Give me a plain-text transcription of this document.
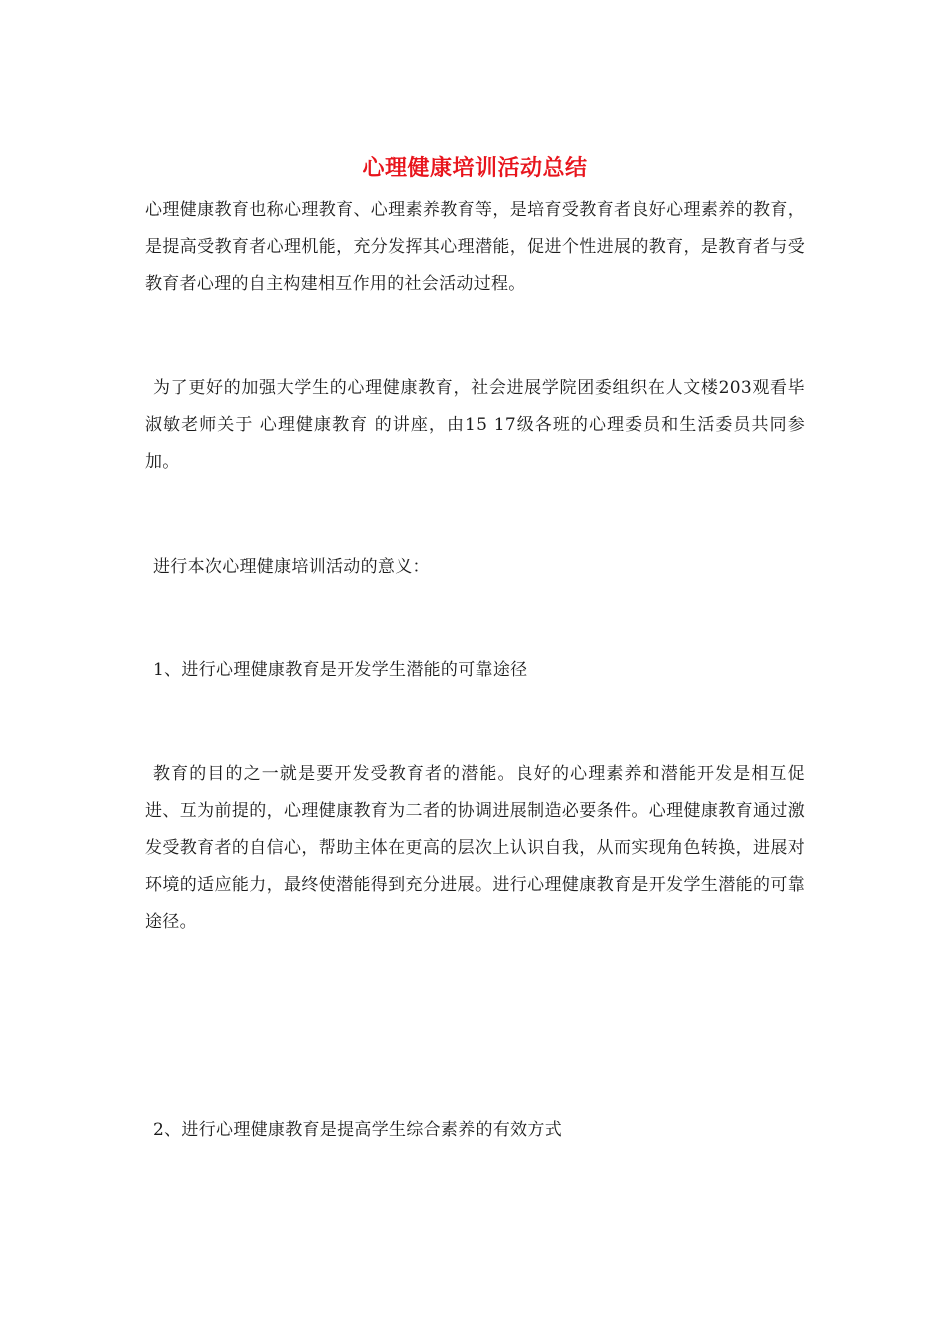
心理健康培训活动总结

心理健康教育也称心理教育、心理素养教育等，是培育受教育者良好心理素养的教育，是提高受教育者心理机能，充分发挥其心理潜能，促进个性进展的教育，是教育者与受教育者心理的自主构建相互作用的社会活动过程。

为了更好的加强大学生的心理健康教育，社会进展学院团委组织在人文楼203观看毕淑敏老师关于 心理健康教育 的讲座，由15 17级各班的心理委员和生活委员共同参加。

进行本次心理健康培训活动的意义：

1、进行心理健康教育是开发学生潜能的可靠途径

教育的目的之一就是要开发受教育者的潜能。良好的心理素养和潜能开发是相互促进、互为前提的，心理健康教育为二者的协调进展制造必要条件。心理健康教育通过激发受教育者的自信心，帮助主体在更高的层次上认识自我，从而实现角色转换，进展对环境的适应能力，最终使潜能得到充分进展。进行心理健康教育是开发学生潜能的可靠途径。

2、进行心理健康教育是提高学生综合素养的有效方式
